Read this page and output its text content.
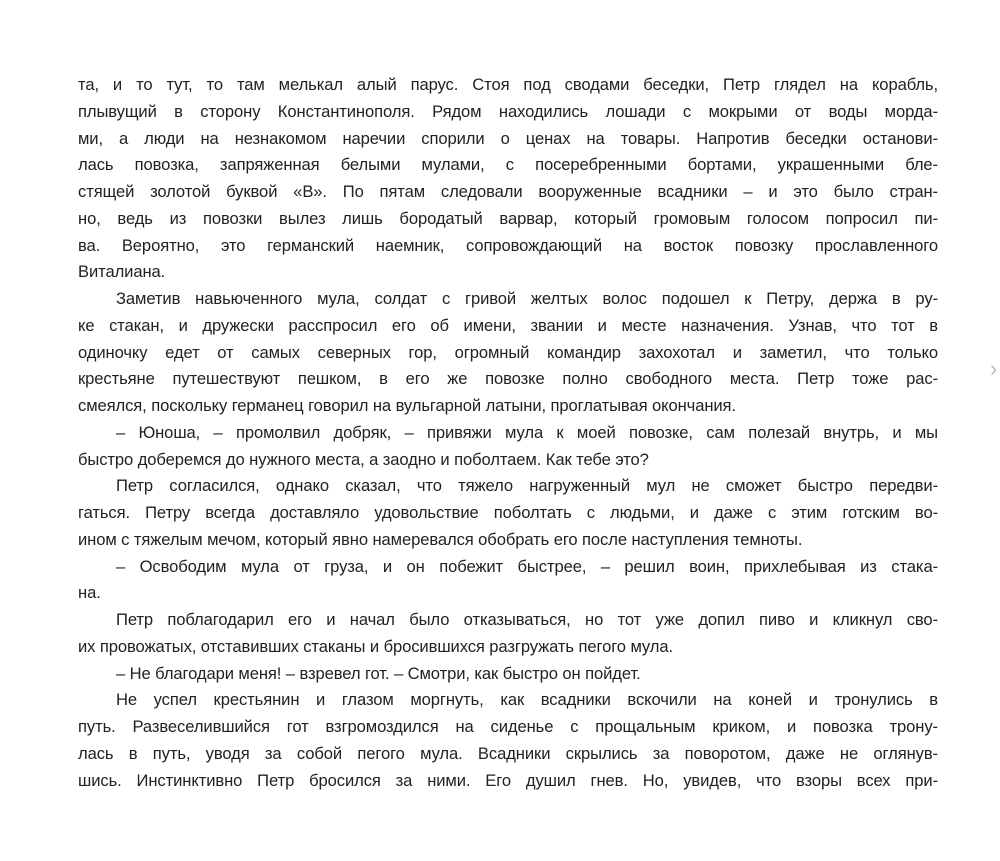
та, и то тут, то там мелькал алый парус. Стоя под сводами беседки, Петр глядел на корабль,
плывущий в сторону Константинополя. Рядом находились лошади с мокрыми от воды морда-
ми, а люди на незнакомом наречии спорили о ценах на товары. Напротив беседки останови-
лась повозка, запряженная белыми мулами, с посеребренными бортами, украшенными бле-
стящей золотой буквой «В». По пятам следовали вооруженные всадники – и это было стран-
но, ведь из повозки вылез лишь бородатый варвар, который громовым голосом попросил пи-
ва. Вероятно, это германский наемник, сопровождающий на восток повозку прославленного
Виталиана.
Заметив навьюченного мула, солдат с гривой желтых волос подошел к Петру, держа в ру-
ке стакан, и дружески расспросил его об имени, звании и месте назначения. Узнав, что тот в
одиночку едет от самых северных гор, огромный командир захохотал и заметил, что только
крестьяне путешествуют пешком, в его же повозке полно свободного места. Петр тоже рас-
смеялся, поскольку германец говорил на вульгарной латыни, проглатывая окончания.
– Юноша, – промолвил добряк, – привяжи мула к моей повозке, сам полезай внутрь, и мы
быстро доберемся до нужного места, а заодно и поболтаем. Как тебе это?
Петр согласился, однако сказал, что тяжело нагруженный мул не сможет быстро передви-
гаться. Петру всегда доставляло удовольствие поболтать с людьми, и даже с этим готским во-
ином с тяжелым мечом, который явно намеревался обобрать его после наступления темноты.
– Освободим мула от груза, и он побежит быстрее, – решил воин, прихлебывая из стака-
на.
Петр поблагодарил его и начал было отказываться, но тот уже допил пиво и кликнул сво-
их провожатых, отставивших стаканы и бросившихся разгружать пегого мула.
– Не благодари меня! – взревел гот. – Смотри, как быстро он пойдет.
Не успел крестьянин и глазом моргнуть, как всадники вскочили на коней и тронулись в
путь. Развеселившийся гот взгромоздился на сиденье с прощальным криком, и повозка трону-
лась в путь, уводя за собой пегого мула. Всадники скрылись за поворотом, даже не оглянув-
шись. Инстинктивно Петр бросился за ними. Его душил гнев. Но, увидев, что взоры всех при-
›
